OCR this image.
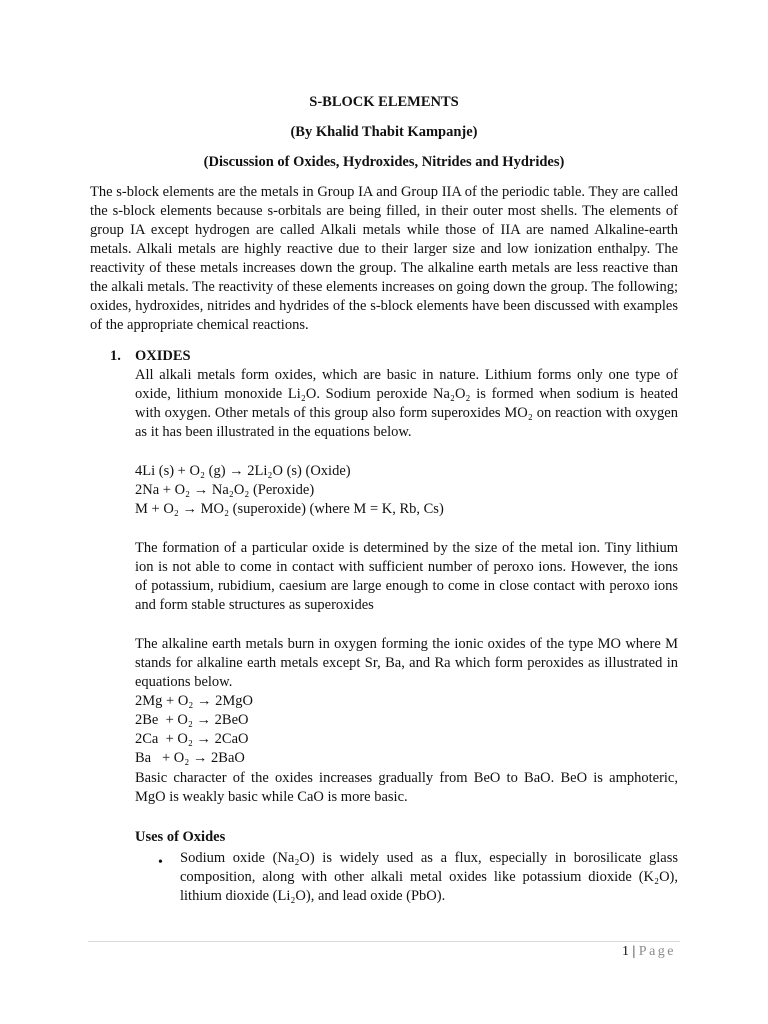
S-BLOCK ELEMENTS
(By Khalid Thabit Kampanje)
(Discussion of Oxides, Hydroxides, Nitrides and Hydrides)
The s-block elements are the metals in Group IA and Group IIA of the periodic table. They are called the s-block elements because s-orbitals are being filled, in their outer most shells. The elements of group IA except hydrogen are called Alkali metals while those of IIA are named Alkaline-earth metals. Alkali metals are highly reactive due to their larger size and low ionization enthalpy. The reactivity of these metals increases down the group. The alkaline earth metals are less reactive than the alkali metals. The reactivity of these elements increases on going down the group. The following; oxides, hydroxides, nitrides and hydrides of the s-block elements have been discussed with examples of the appropriate chemical reactions.
1. OXIDES
All alkali metals form oxides, which are basic in nature. Lithium forms only one type of oxide, lithium monoxide Li₂O. Sodium peroxide Na₂O₂ is formed when sodium is heated with oxygen. Other metals of this group also form superoxides MO₂ on reaction with oxygen as it has been illustrated in the equations below.
4Li (s) + O₂ (g) → 2Li₂O (s) (Oxide)
2Na + O₂ → Na₂O₂ (Peroxide)
M + O₂ → MO₂ (superoxide) (where M = K, Rb, Cs)
The formation of a particular oxide is determined by the size of the metal ion. Tiny lithium ion is not able to come in contact with sufficient number of peroxo ions. However, the ions of potassium, rubidium, caesium are large enough to come in close contact with peroxo ions and form stable structures as superoxides
The alkaline earth metals burn in oxygen forming the ionic oxides of the type MO where M stands for alkaline earth metals except Sr, Ba, and Ra which form peroxides as illustrated in equations below.
2Mg + O₂ → 2MgO
2Be  + O₂ → 2BeO
2Ca  + O₂ → 2CaO
Ba   + O₂ → 2BaO
Basic character of the oxides increases gradually from BeO to BaO. BeO is amphoteric, MgO is weakly basic while CaO is more basic.
Uses of Oxides
• Sodium oxide (Na₂O) is widely used as a flux, especially in borosilicate glass composition, along with other alkali metal oxides like potassium dioxide (K₂O), lithium dioxide (Li₂O), and lead oxide (PbO).
1 | Page
